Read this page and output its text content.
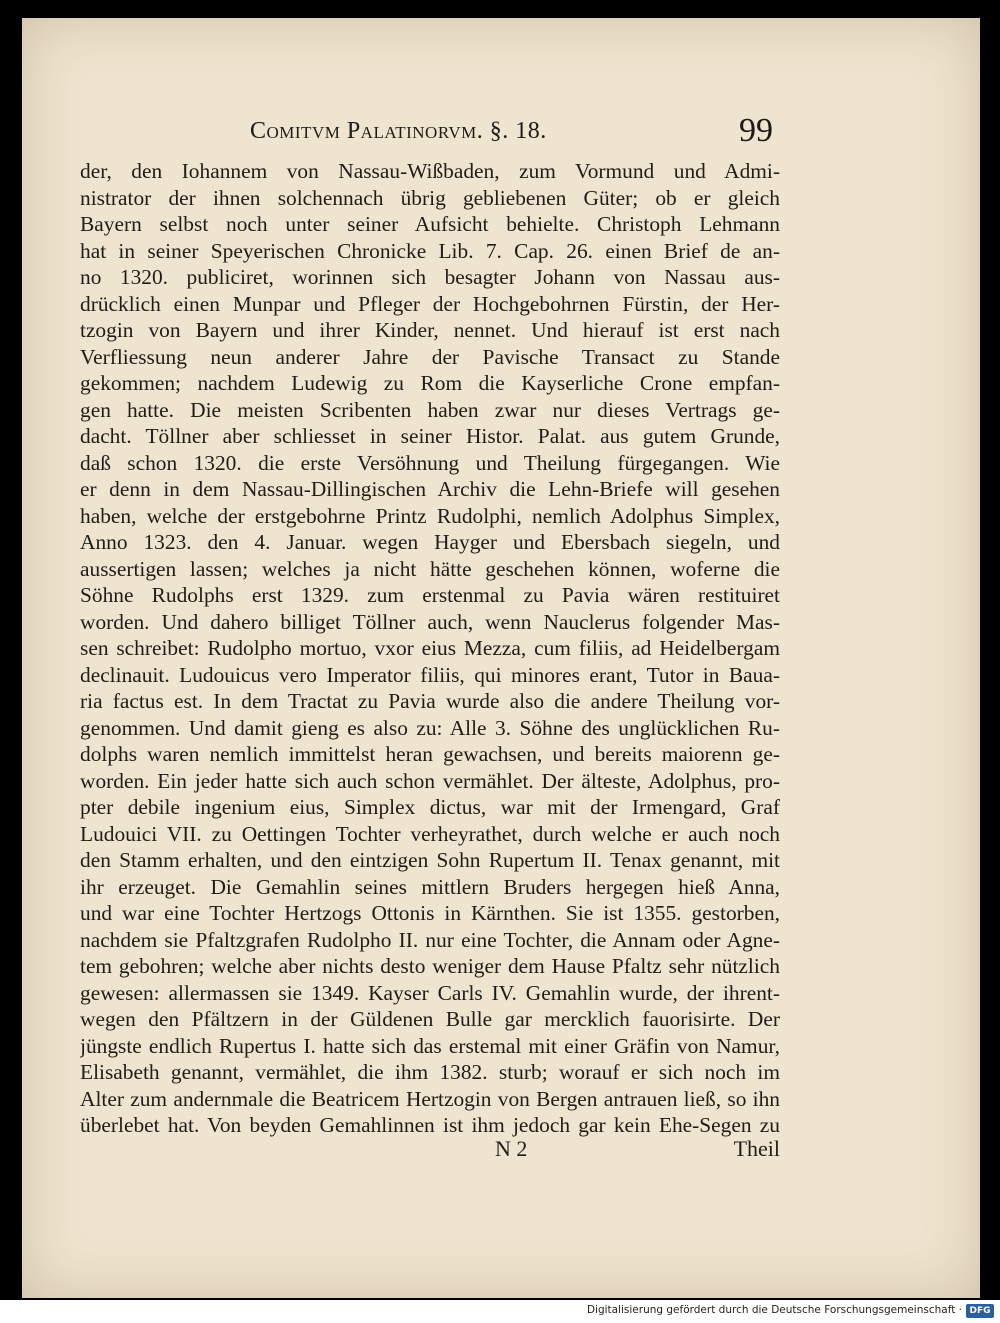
Comitvm Palatinorvm. §. 18.	99
der, den Iohannem von Nassau-Wißbaden, zum Vormund und Admi-
nistrator der ihnen solchennach übrig gebliebenen Güter; ob er gleich
Bayern selbst noch unter seiner Aufsicht behielte. Christoph Lehmann
hat in seiner Speyerischen Chronicke Lib. 7. Cap. 26. einen Brief de an-
no 1320. publiciret, worinnen sich besagter Johann von Nassau aus-
drücklich einen Munpar und Pfleger der Hochgebohrnen Fürstin, der Her-
tzogin von Bayern und ihrer Kinder, nennet. Und hierauf ist erst nach
Verfliessung neun anderer Jahre der Pavische Transact zu Stande
gekommen; nachdem Ludewig zu Rom die Kayserliche Crone empfan-
gen hatte. Die meisten Scribenten haben zwar nur dieses Vertrags ge-
dacht. Töllner aber schliesset in seiner Histor. Palat. aus gutem Grunde,
daß schon 1320. die erste Versöhnung und Theilung fürgegangen. Wie
er denn in dem Nassau-Dillingischen Archiv die Lehn-Briefe will gesehen
haben, welche der erstgebohrne Printz Rudolphi, nemlich Adolphus Simplex,
Anno 1323. den 4. Januar. wegen Hayger und Ebersbach siegeln, und
aussertigen lassen; welches ja nicht hätte geschehen können, woferne die
Söhne Rudolphs erst 1329. zum erstenmal zu Pavia wären restituiret
worden. Und dahero billiget Töllner auch, wenn Nauclerus folgender Mas-
sen schreibet: Rudolpho mortuo, vxor eius Mezza, cum filiis, ad Heidelbergam
declinauit. Ludouicus vero Imperator filiis, qui minores erant, Tutor in Baua-
ria factus est. In dem Tractat zu Pavia wurde also die andere Theilung vor-
genommen. Und damit gieng es also zu: Alle 3. Söhne des unglücklichen Ru-
dolphs waren nemlich immittelst heran gewachsen, und bereits maiorenn ge-
worden. Ein jeder hatte sich auch schon vermählet. Der älteste, Adolphus, pro-
pter debile ingenium eius, Simplex dictus, war mit der Irmengard, Graf
Ludouici VII. zu Oettingen Tochter verheyrathet, durch welche er auch noch
den Stamm erhalten, und den eintzigen Sohn Rupertum II. Tenax genannt, mit
ihr erzeuget. Die Gemahlin seines mittlern Bruders hergegen hieß Anna,
und war eine Tochter Hertzogs Ottonis in Kärnthen. Sie ist 1355. gestorben,
nachdem sie Pfaltzgrafen Rudolpho II. nur eine Tochter, die Annam oder Agne-
tem gebohren; welche aber nichts desto weniger dem Hause Pfaltz sehr nützlich
gewesen: allermassen sie 1349. Kayser Carls IV. Gemahlin wurde, der ihrent-
wegen den Pfältzern in der Güldenen Bulle gar mercklich fauorisirte. Der
jüngste endlich Rupertus I. hatte sich das erstemal mit einer Gräfin von Namur,
Elisabeth genannt, vermählet, die ihm 1382. sturb; worauf er sich noch im
Alter zum andernmale die Beatricem Hertzogin von Bergen antrauen ließ, so ihn
überlebet hat. Von beyden Gemahlinnen ist ihm jedoch gar kein Ehe-Segen zu
N 2	Theil
Digitalisierung gefördert durch die Deutsche Forschungsgemeinschaft · DFG
